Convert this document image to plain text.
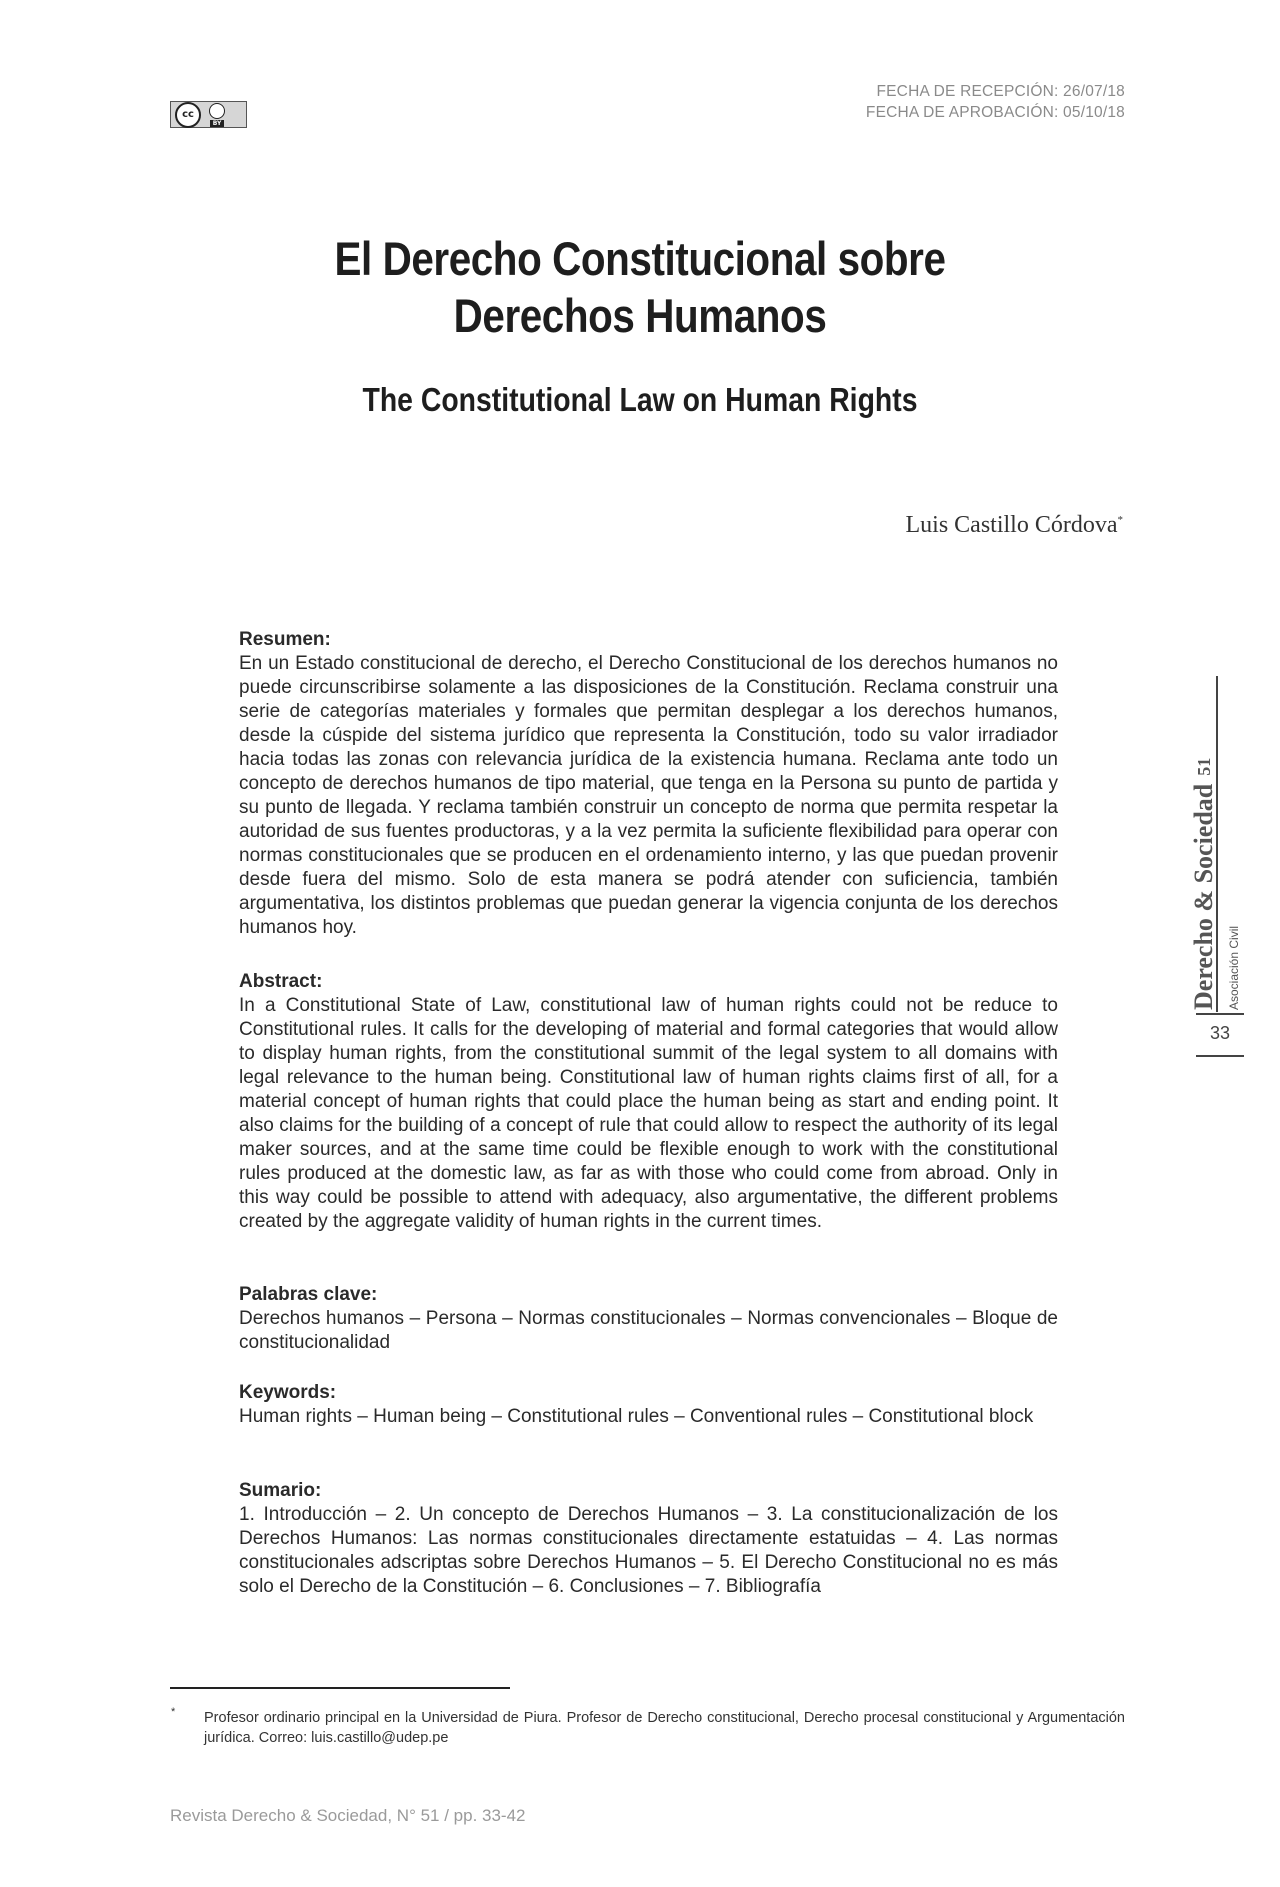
cc
BY
FECHA DE RECEPCIÓN: 26/07/18
FECHA DE APROBACIÓN: 05/10/18
El Derecho Constitucional sobre
Derechos Humanos
The Constitutional Law on Human Rights
Luis Castillo Córdova*
Resumen:

En un Estado constitucional de derecho, el Derecho Constitucional de los derechos humanos no puede circunscribirse solamente a las disposiciones de la Constitución. Reclama construir una serie de categorías materiales y formales que permitan desplegar a los derechos humanos, desde la cúspide del sistema jurídico que representa la Constitución, todo su valor irradiador hacia todas las zonas con relevancia jurídica de la existencia humana. Reclama ante todo un concepto de derechos humanos de tipo material, que tenga en la Persona su punto de partida y su punto de llegada. Y reclama también construir un concepto de norma que permita respetar la autoridad de sus fuentes productoras, y a la vez permita la suficiente flexibilidad para operar con normas constitucionales que se producen en el ordenamiento interno, y las que puedan provenir desde fuera del mismo. Solo de esta manera se podrá atender con suficiencia, también argumentativa, los distintos problemas que puedan generar la vigencia conjunta de los derechos humanos hoy.

Abstract:

In a Constitutional State of Law, constitutional law of human rights could not be reduce to Constitutional rules. It calls for the developing of material and formal categories that would allow to display human rights, from the constitutional summit of the legal system to all domains with legal relevance to the human being. Constitutional law of human rights claims first of all, for a material concept of human rights that could place the human being as start and ending point. It also claims for the building of a concept of rule that could allow to respect the authority of its legal maker sources, and at the same time could be flexible enough to work with the constitutional rules produced at the domestic law, as far as with those who could come from abroad. Only in this way could be possible to attend with adequacy, also argumentative, the different problems created by the aggregate validity of human rights in the current times.

Palabras clave:

Derechos humanos – Persona – Normas constitucionales – Normas convencionales – Bloque de constitucionalidad

Keywords:

Human rights – Human being – Constitutional rules – Conventional rules – Constitutional block

Sumario:

1. Introducción – 2. Un concepto de Derechos Humanos – 3. La constitucionalización de los Derechos Humanos: Las normas constitucionales directamente estatuidas – 4. Las normas constitucionales adscriptas sobre Derechos Humanos – 5. El Derecho Constitucional no es más solo el Derecho de la Constitución – 6. Conclusiones – 7. Bibliografía

Derecho & Sociedad
51
Asociación Civil
33
* Profesor ordinario principal en la Universidad de Piura. Profesor de Derecho constitucional, Derecho procesal constitucional y Argumentación jurídica. Correo: luis.castillo@udep.pe
Revista Derecho & Sociedad, N° 51 / pp. 33-42
